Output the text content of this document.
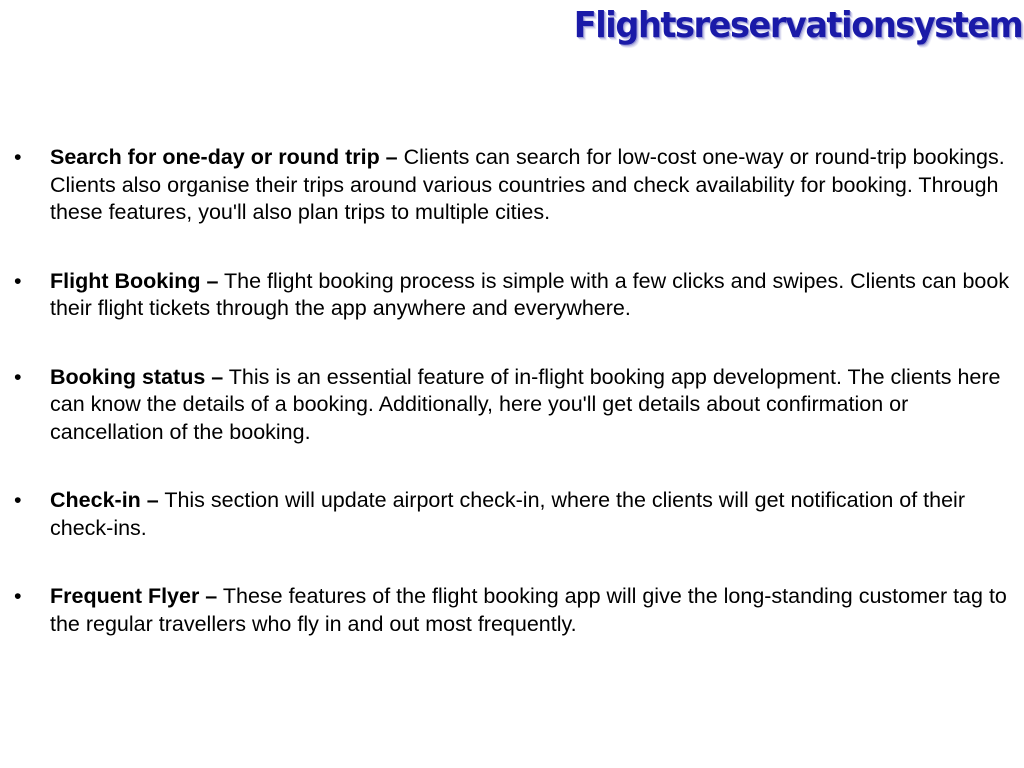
Flightsreservationsystem
•	Search for one-day or round trip – Clients can search for low-cost one-way or round-trip bookings. Clients also organise their trips around various countries and check availability for booking. Through these features, you'll also plan trips to multiple cities.
•	Flight Booking – The flight booking process is simple with a few clicks and swipes. Clients can book their flight tickets through the app anywhere and everywhere.
•	Booking status – This is an essential feature of in-flight booking app development. The clients here can know the details of a booking. Additionally, here you'll get details about confirmation or cancellation of the booking.
•	Check-in – This section will update airport check-in, where the clients will get notification of their check-ins.
•	Frequent Flyer – These features of the flight booking app will give the long-standing customer tag to the regular travellers who fly in and out most frequently.
